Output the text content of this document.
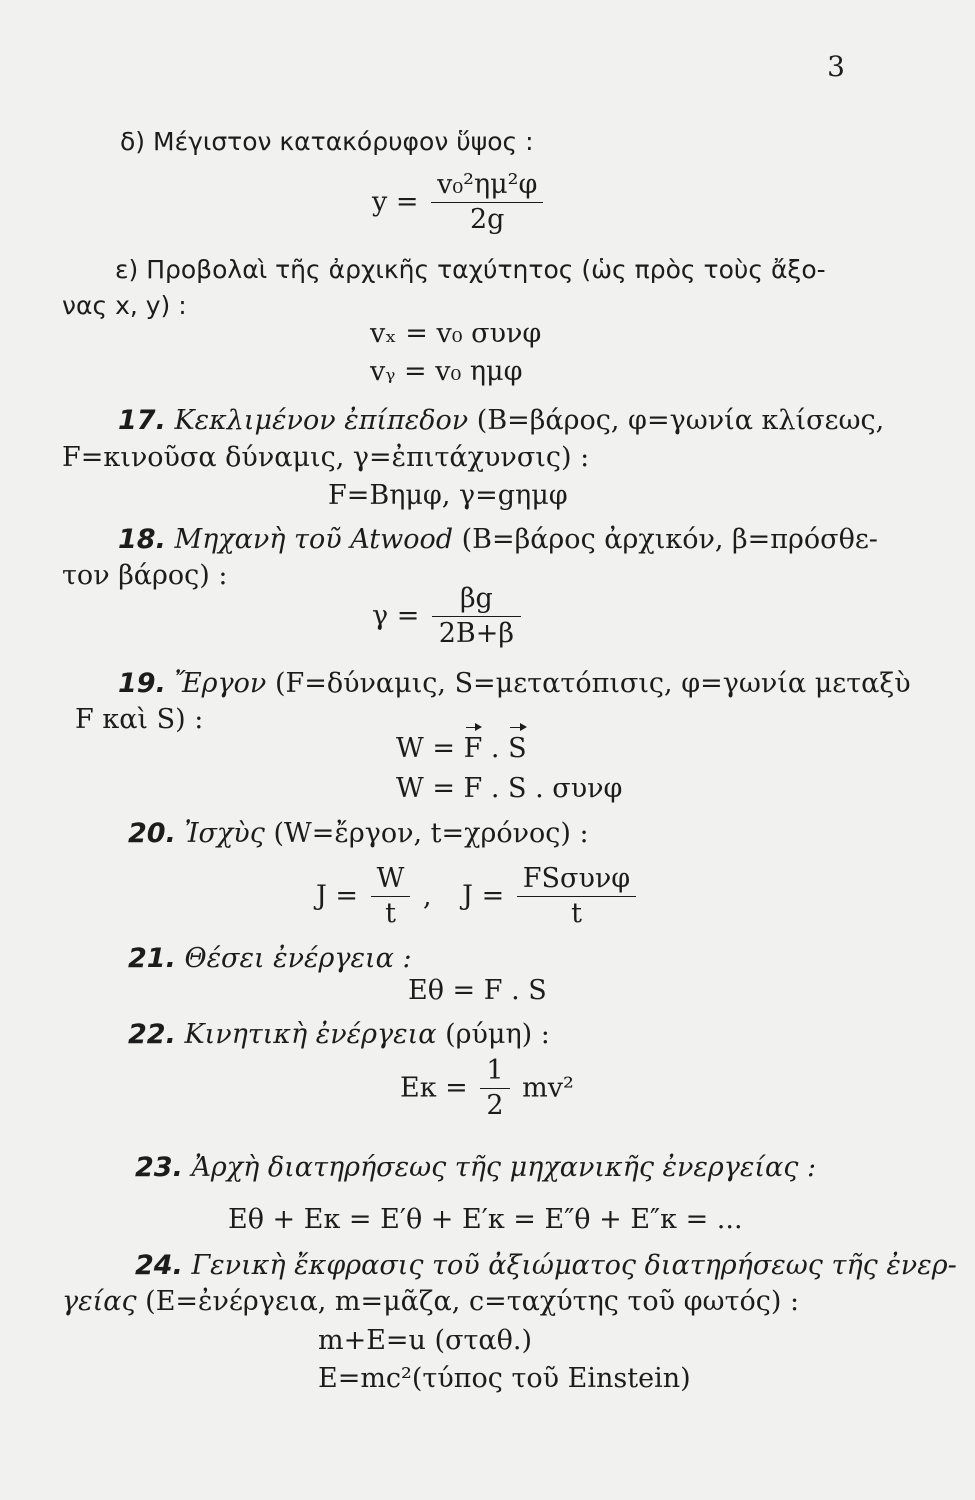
3
δ) Μέγιστον κατακόρυφον ὕψος :
$y = \frac{\text{v₀²ημ²φ}}{2g}$
ε) Προβολαὶ τῆς ἀρχικῆς ταχύτητος (ὡς πρὸς τοὺς ἄξο-
νας x, y) :
vₓ = v₀ συνφ
vᵧ = v₀ ημφ
17. Κεκλιμένον ἐπίπεδον (Β=βάρος, φ=γωνία κλίσεως,
F=κινοῦσα δύναμις, γ=ἐπιτάχυνσις) :
F=Βημφ, γ=gημφ
18. Μηχανὴ τοῦ Atwood (Β=βάρος ἀρχικόν, β=πρόσθε-
τον βάρος) :
$\gamma = \frac{\beta g}{2B+\beta}$
19. Ἔργον (F=δύναμις, S=μετατόπισις, φ=γωνία μεταξὺ
F καὶ S) :
W = F . S
W = F . S . συνφ
20. Ἰσχὺς (W=ἔργον, t=χρόνος) :
$J = \frac{W}{t}$ , $J = \frac{\text{FSσυνφ}}{t}$
21. Θέσει ἐνέργεια :
Eθ = F . S
22. Κινητικὴ ἐνέργεια (ρύμη) :
$E\kappa = \frac{1}{2} mv^2$
23. Ἀρχὴ διατηρήσεως τῆς μηχανικῆς ἐνεργείας :
Eθ + Eκ = E′θ + E′κ = E″θ + E″κ = ...
24. Γενικὴ ἔκφρασις τοῦ ἀξιώματος διατηρήσεως τῆς ἐνερ-
γείας (Ε=ἐνέργεια, m=μᾶζα, c=ταχύτης τοῦ φωτός) :
m+E=u (σταθ.)
E=mc²(τύπος τοῦ Einstein)
